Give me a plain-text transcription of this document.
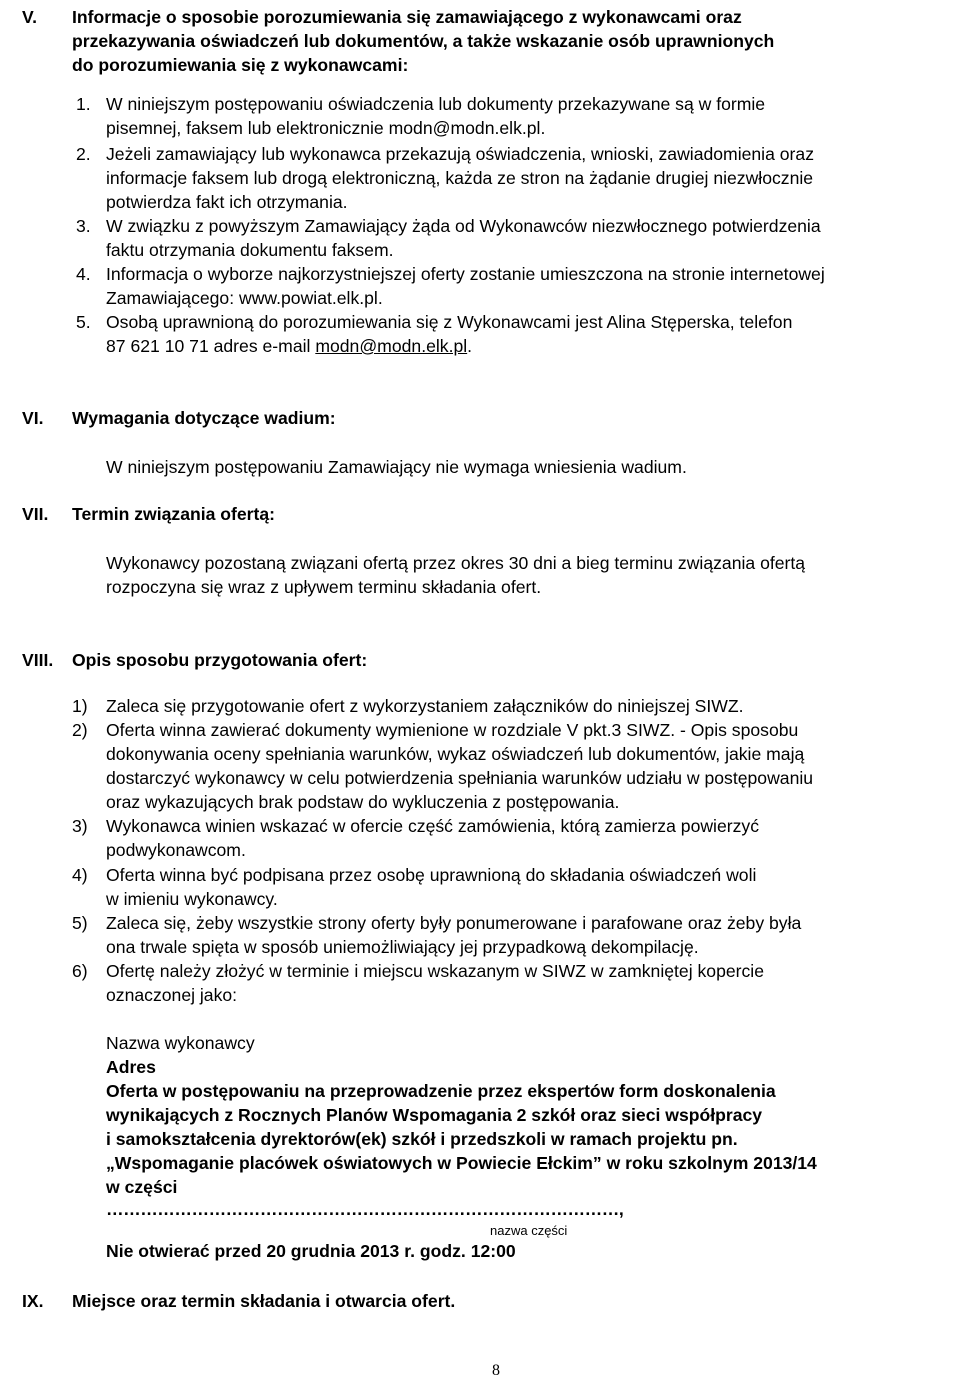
V. Informacje o sposobie porozumiewania się zamawiającego z wykonawcami oraz
przekazywania oświadczeń lub dokumentów, a także wskazanie osób uprawnionych
do porozumiewania się z wykonawcami:
1. W niniejszym postępowaniu oświadczenia lub dokumenty przekazywane są w formie
pisemnej, faksem lub elektronicznie modn@modn.elk.pl.
2. Jeżeli zamawiający lub wykonawca przekazują oświadczenia, wnioski, zawiadomienia oraz
informacje faksem lub drogą elektroniczną, każda ze stron na żądanie drugiej niezwłocznie
potwierdza fakt ich otrzymania.
3. W związku z powyższym Zamawiający żąda od Wykonawców niezwłocznego potwierdzenia
faktu otrzymania dokumentu faksem.
4. Informacja o wyborze najkorzystniejszej oferty zostanie umieszczona na stronie internetowej
Zamawiającego: www.powiat.elk.pl.
5. Osobą uprawnioną do porozumiewania się z Wykonawcami jest Alina Stęperska, telefon
87 621 10 71 adres e-mail modn@modn.elk.pl.
VI. Wymagania dotyczące wadium:
W niniejszym postępowaniu Zamawiający nie wymaga wniesienia wadium.
VII. Termin związania ofertą:
Wykonawcy pozostaną związani ofertą przez okres 30 dni a bieg terminu związania ofertą
rozpoczyna się wraz z upływem terminu składania ofert.
VIII. Opis sposobu przygotowania ofert:
1) Zaleca się przygotowanie ofert z wykorzystaniem załączników do niniejszej SIWZ.
2) Oferta winna zawierać dokumenty wymienione w rozdziale V pkt.3 SIWZ. - Opis sposobu
dokonywania oceny spełniania warunków, wykaz oświadczeń lub dokumentów, jakie mają
dostarczyć wykonawcy w celu potwierdzenia spełniania warunków udziału w postępowaniu
oraz wykazujących brak podstaw do wykluczenia z postępowania.
3) Wykonawca winien wskazać w ofercie część zamówienia, którą zamierza powierzyć
podwykonawcom.
4) Oferta winna być podpisana przez osobę uprawnioną do składania oświadczeń woli
w imieniu wykonawcy.
5) Zaleca się, żeby wszystkie strony oferty były ponumerowane i parafowane oraz żeby była
ona trwale spięta w sposób uniemożliwiający jej przypadkową dekompilację.
6) Ofertę należy złożyć w terminie i miejscu wskazanym w SIWZ w zamkniętej kopercie
oznaczonej jako:
Nazwa wykonawcy
Adres
Oferta w postępowaniu na przeprowadzenie przez ekspertów form doskonalenia
wynikających z Rocznych Planów Wspomagania 2 szkół oraz sieci współpracy
i samokształcenia dyrektorów(ek) szkół i przedszkoli w ramach projektu pn.
„Wspomaganie placówek oświatowych w Powiecie Ełckim” w roku szkolnym 2013/14
w części
………………………………………………………………………………,
nazwa części
Nie otwierać przed 20 grudnia 2013 r. godz. 12:00
IX. Miejsce oraz termin składania i otwarcia ofert.
8
